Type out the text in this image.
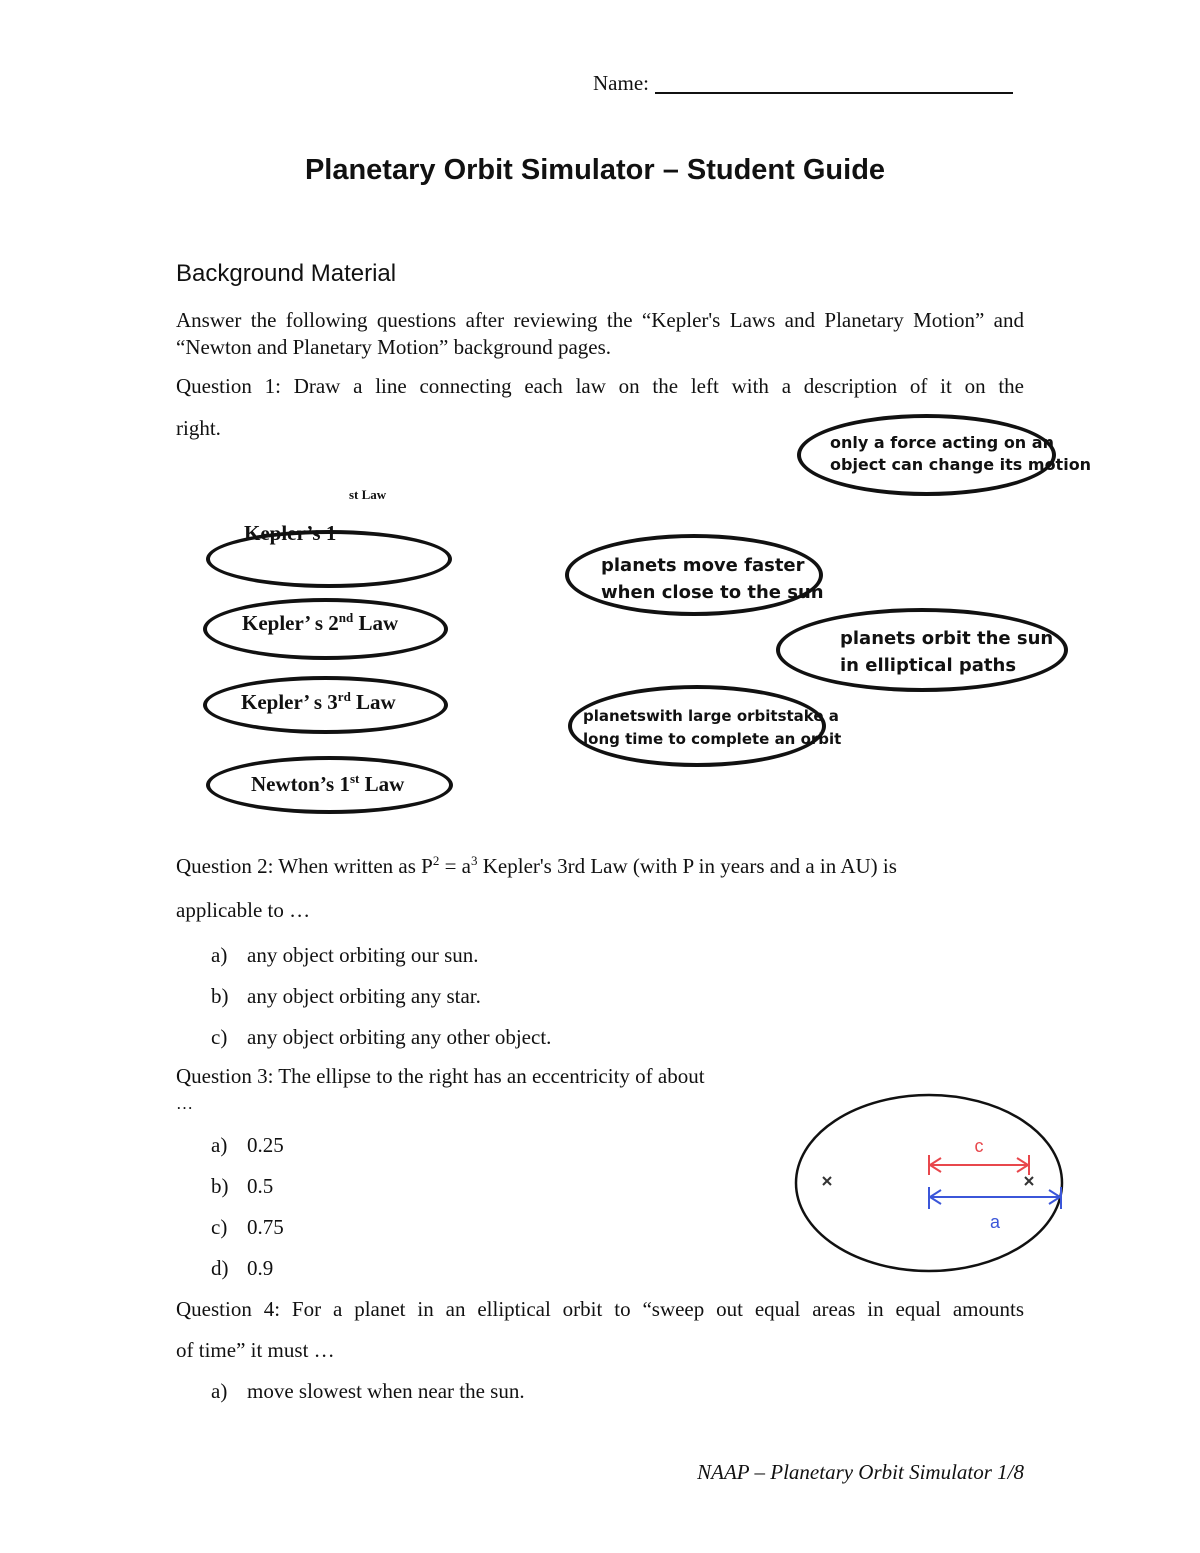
Name:
Planetary Orbit Simulator – Student Guide
Background Material
Answer the following questions after reviewing the “Kepler's Laws and Planetary Motion” and “Newton and Planetary Motion” background pages.
Question 1: Draw a line connecting each law on the left with a description of it on the
right.
$^{st Law}$
Kepler’s 1
Kepler’ s 2nd Law
Kepler’ s 3rd Law
Newton’s 1st Law
only a force acting on an
object can change its motion
planets move faster
when close to the sun
planets orbit the sun
in elliptical paths
planetswith large orbitstake a
long time to complete an orbit
Question 2: When written as $P^2 = a^3$ Kepler's 3rd Law (with P in years and a in AU) is
applicable to …
a) any object orbiting our sun.
b) any object orbiting any star.
c) any object orbiting any other object.
Question 3: The ellipse to the right has an eccentricity of about
…
a) 0.25
b) 0.5
c) 0.75
d) 0.9
c
a
Question 4: For a planet in an elliptical orbit to “sweep out equal areas in equal amounts
of time” it must …
a) move slowest when near the sun.
NAAP – Planetary Orbit Simulator 1/8
